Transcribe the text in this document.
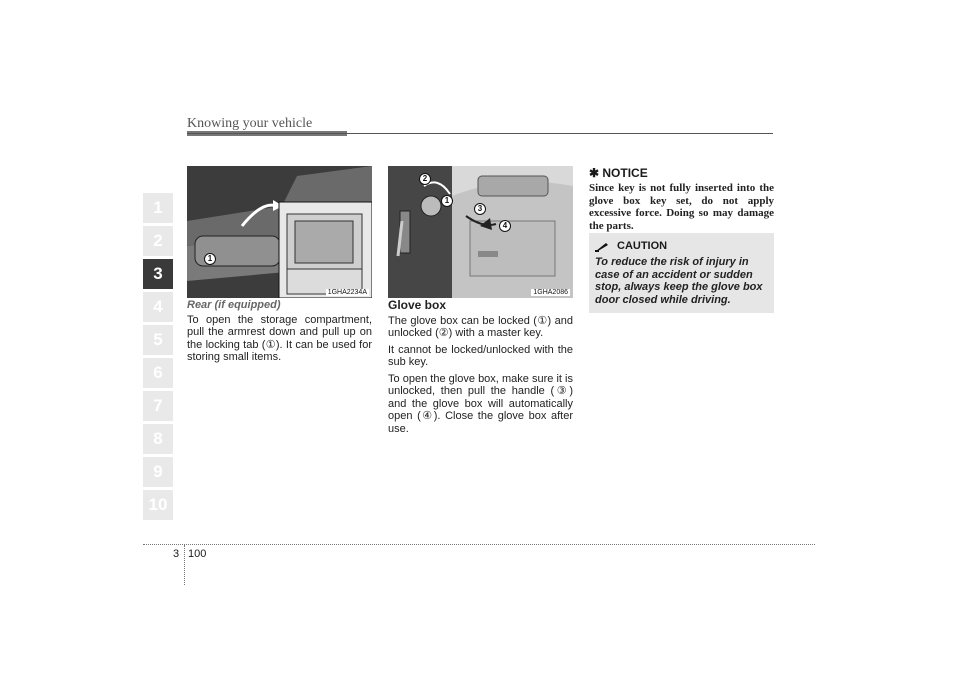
Knowing your vehicle
1
2
3
4
5
6
7
8
9
10
1
1GHA2234A
2
1
3
4
1GHA2086
Rear (if equipped)

To open the storage compartment, pull the armrest down and pull up on the locking tab (①). It can be used for storing small items.

Glove box

The glove box can be locked (①) and unlocked (②) with a master key.

It cannot be locked/unlocked with the sub key.

To open the glove box, make sure it is unlocked, then pull the handle (③) and the glove box will automatically open (④). Close the glove box after use.

✱ NOTICE
Since key is not fully inserted into the glove box key set, do not apply excessive force. Doing so may damage the parts.
CAUTION
To reduce the risk of injury in case of an accident or sudden stop, always keep the glove box door closed while driving.
3 100
